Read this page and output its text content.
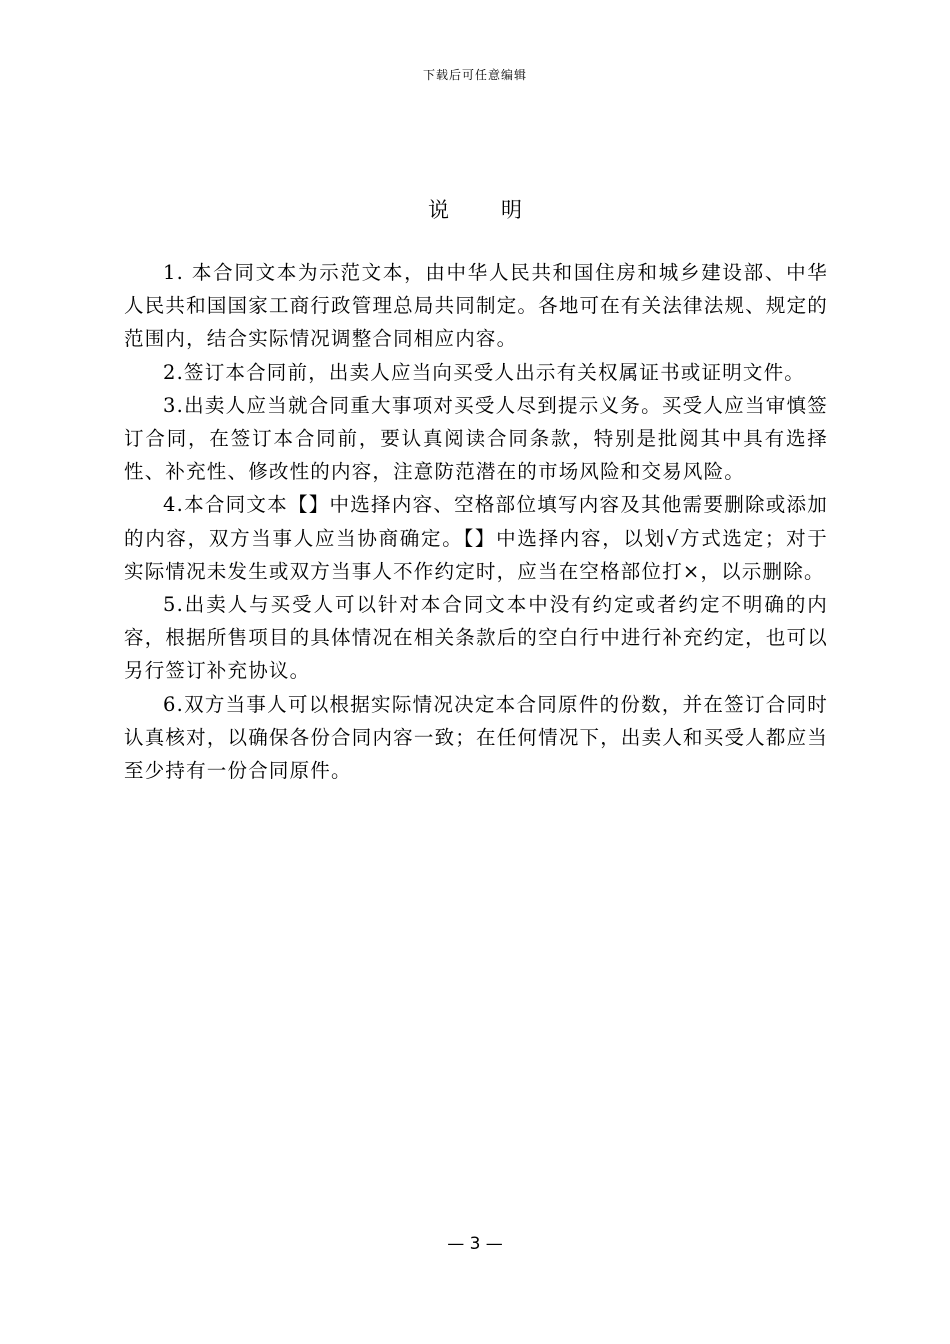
下载后可任意编辑
说 明

1. 本合同文本为示范文本，由中华人民共和国住房和城乡建设部、中华人民共和国国家工商行政管理总局共同制定。各地可在有关法律法规、规定的范围内，结合实际情况调整合同相应内容。

2.签订本合同前，出卖人应当向买受人出示有关权属证书或证明文件。

3.出卖人应当就合同重大事项对买受人尽到提示义务。买受人应当审慎签订合同，在签订本合同前，要认真阅读合同条款，特别是批阅其中具有选择性、补充性、修改性的内容，注意防范潜在的市场风险和交易风险。

4.本合同文本【】中选择内容、空格部位填写内容及其他需要删除或添加的内容，双方当事人应当协商确定。【】中选择内容，以划√方式选定；对于实际情况未发生或双方当事人不作约定时，应当在空格部位打×，以示删除。

5.出卖人与买受人可以针对本合同文本中没有约定或者约定不明确的内容，根据所售项目的具体情况在相关条款后的空白行中进行补充约定，也可以另行签订补充协议。

6.双方当事人可以根据实际情况决定本合同原件的份数，并在签订合同时认真核对，以确保各份合同内容一致；在任何情况下，出卖人和买受人都应当至少持有一份合同原件。

— 3 —
